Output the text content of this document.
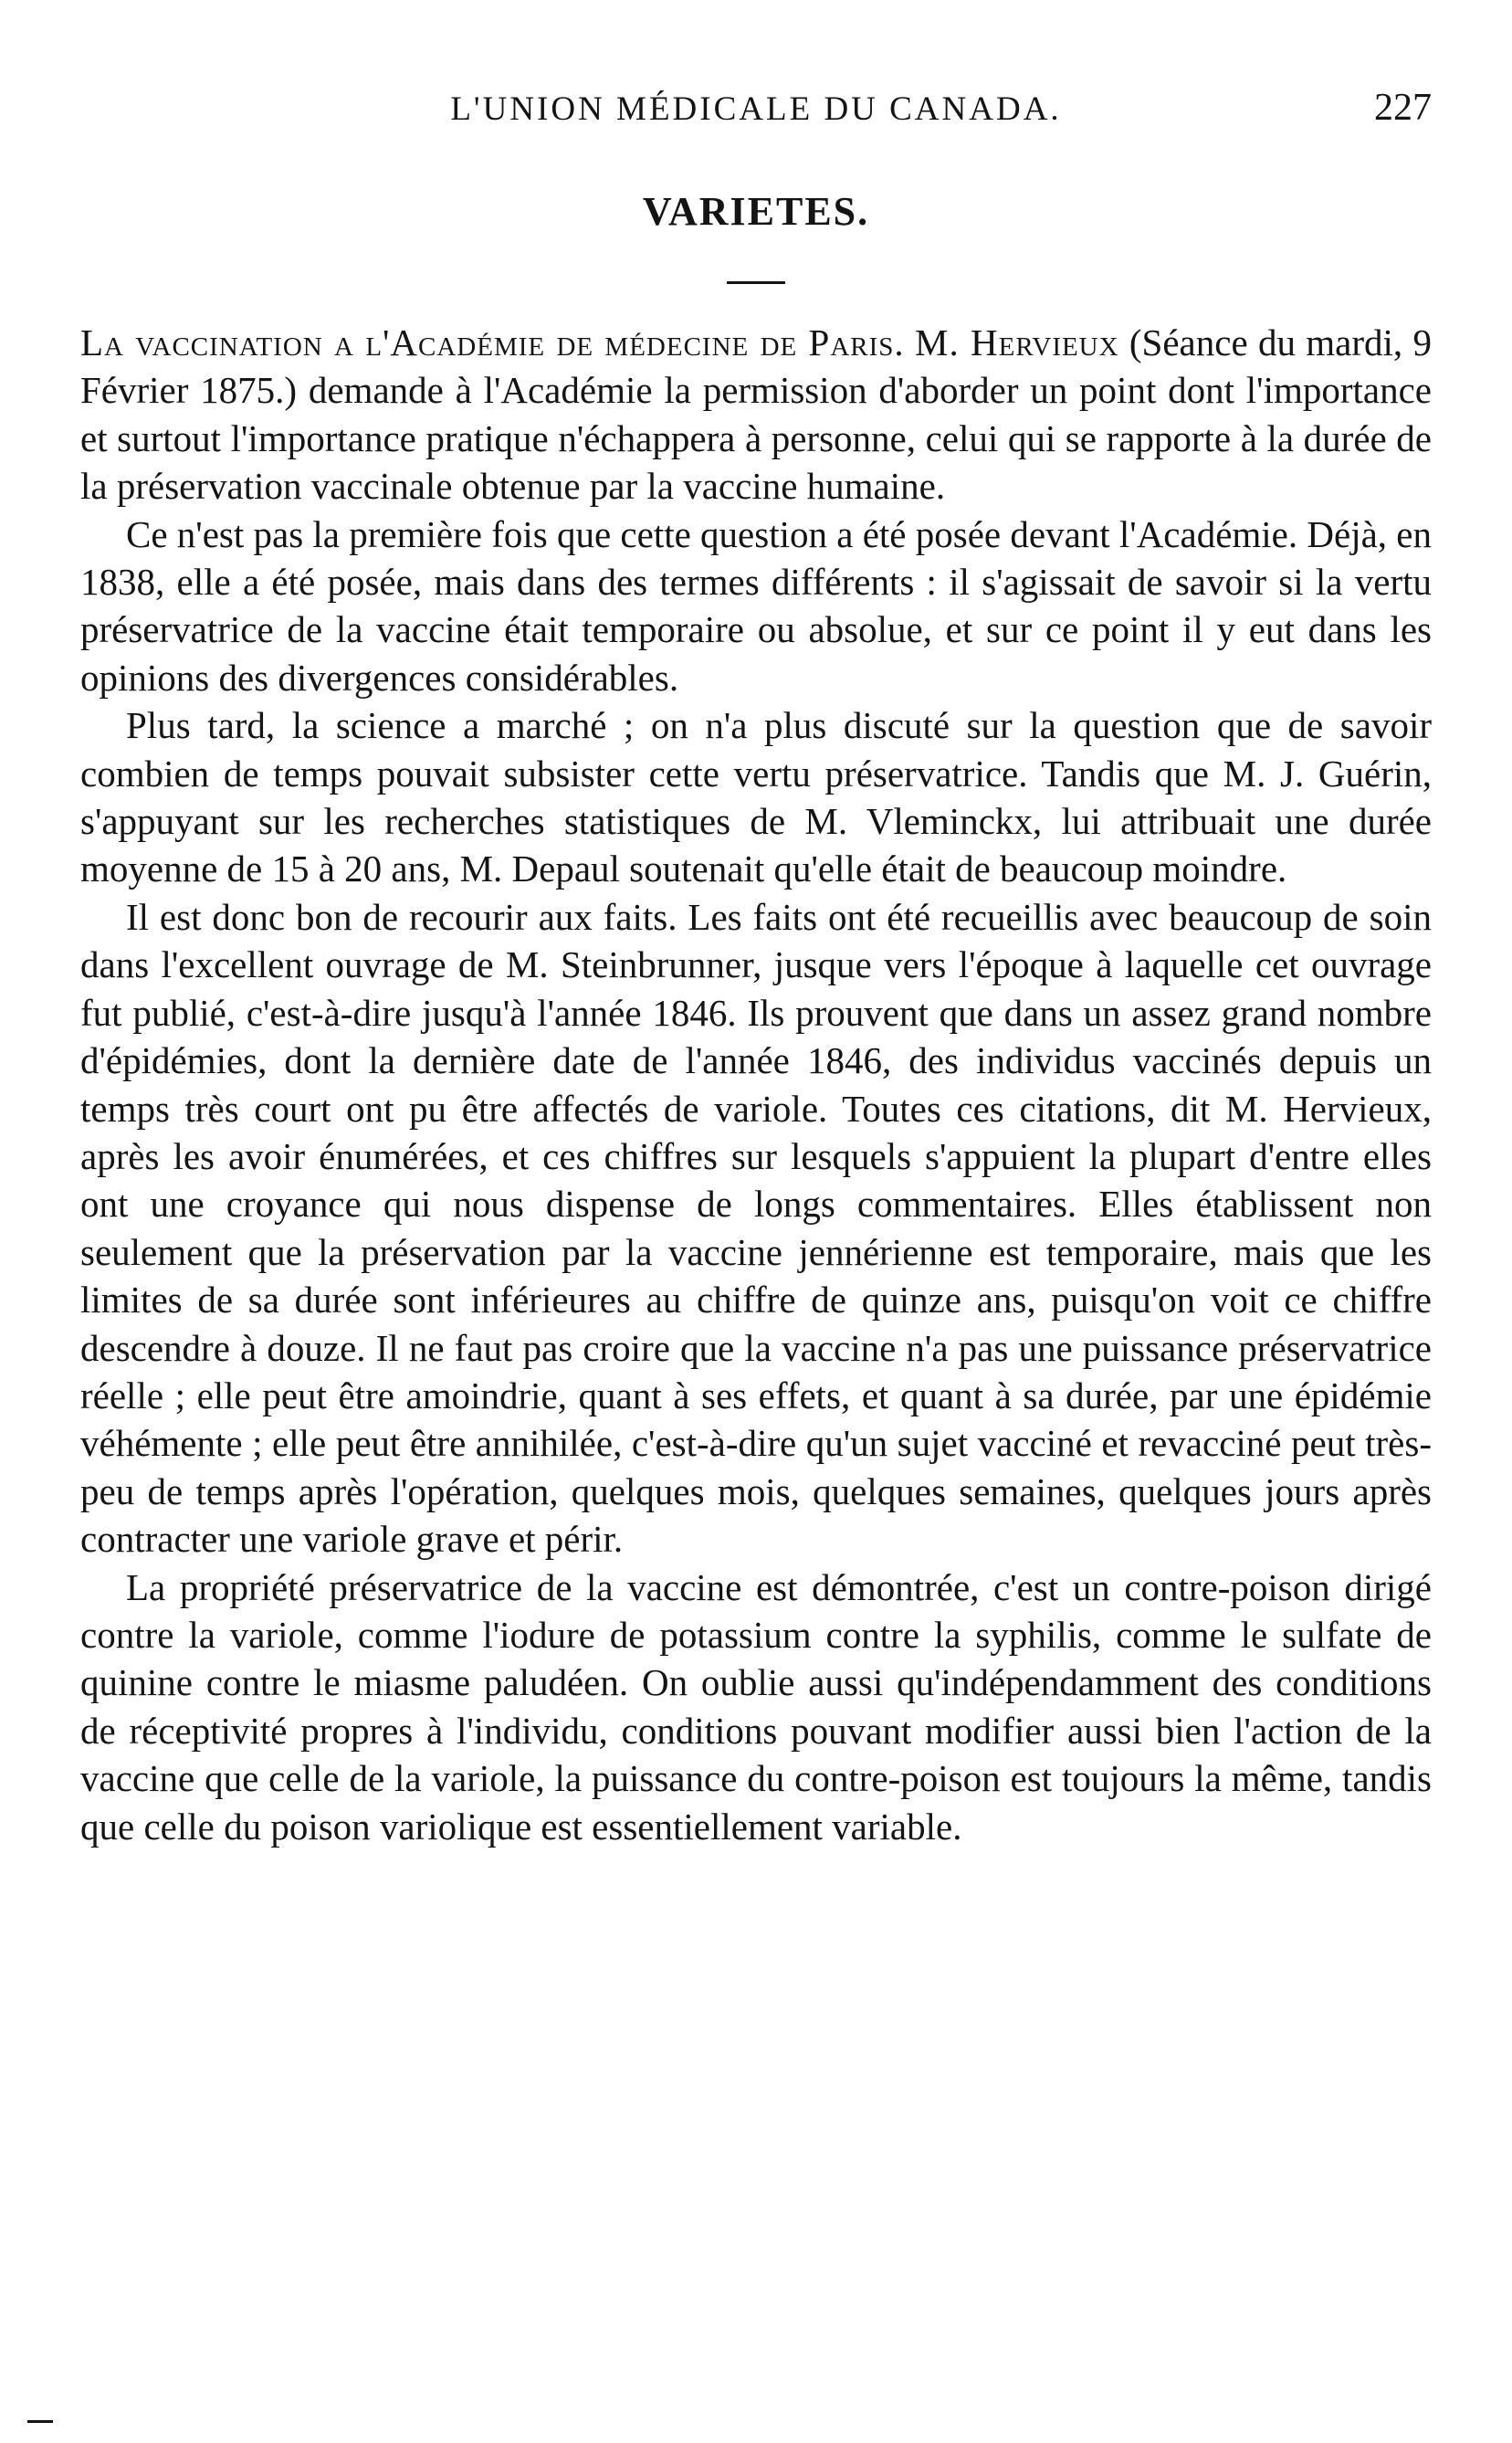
L'UNION MÉDICALE DU CANADA.	227
VARIETES.

La vaccination a l'Académie de médecine de Paris. M. Hervieux (Séance du mardi, 9 Février 1875.) demande à l'Académie la permission d'aborder un point dont l'importance et surtout l'importance pratique n'échappera à personne, celui qui se rapporte à la durée de la préservation vaccinale obtenue par la vaccine humaine.

Ce n'est pas la première fois que cette question a été posée devant l'Académie. Déjà, en 1838, elle a été posée, mais dans des termes différents : il s'agissait de savoir si la vertu préservatrice de la vaccine était temporaire ou absolue, et sur ce point il y eut dans les opinions des divergences considérables.

Plus tard, la science a marché ; on n'a plus discuté sur la question que de savoir combien de temps pouvait subsister cette vertu préservatrice. Tandis que M. J. Guérin, s'appuyant sur les recherches statistiques de M. Vleminckx, lui attribuait une durée moyenne de 15 à 20 ans, M. Depaul soutenait qu'elle était de beaucoup moindre.

Il est donc bon de recourir aux faits. Les faits ont été recueillis avec beaucoup de soin dans l'excellent ouvrage de M. Steinbrunner, jusque vers l'époque à laquelle cet ouvrage fut publié, c'est-à-dire jusqu'à l'année 1846. Ils prouvent que dans un assez grand nombre d'épidémies, dont la dernière date de l'année 1846, des individus vaccinés depuis un temps très court ont pu être affectés de variole. Toutes ces citations, dit M. Hervieux, après les avoir énumérées, et ces chiffres sur lesquels s'appuient la plupart d'entre elles ont une croyance qui nous dispense de longs commentaires. Elles établissent non seulement que la préservation par la vaccine jennérienne est temporaire, mais que les limites de sa durée sont inférieures au chiffre de quinze ans, puisqu'on voit ce chiffre descendre à douze. Il ne faut pas croire que la vaccine n'a pas une puissance préservatrice réelle ; elle peut être amoindrie, quant à ses effets, et quant à sa durée, par une épidémie véhémente ; elle peut être annihilée, c'est-à-dire qu'un sujet vacciné et revacciné peut très-peu de temps après l'opération, quelques mois, quelques semaines, quelques jours après contracter une variole grave et périr.

La propriété préservatrice de la vaccine est démontrée, c'est un contre-poison dirigé contre la variole, comme l'iodure de potassium contre la syphilis, comme le sulfate de quinine contre le miasme paludéen. On oublie aussi qu'indépendamment des conditions de réceptivité propres à l'individu, conditions pouvant modifier aussi bien l'action de la vaccine que celle de la variole, la puissance du contre-poison est toujours la même, tandis que celle du poison variolique est essentiellement variable.
